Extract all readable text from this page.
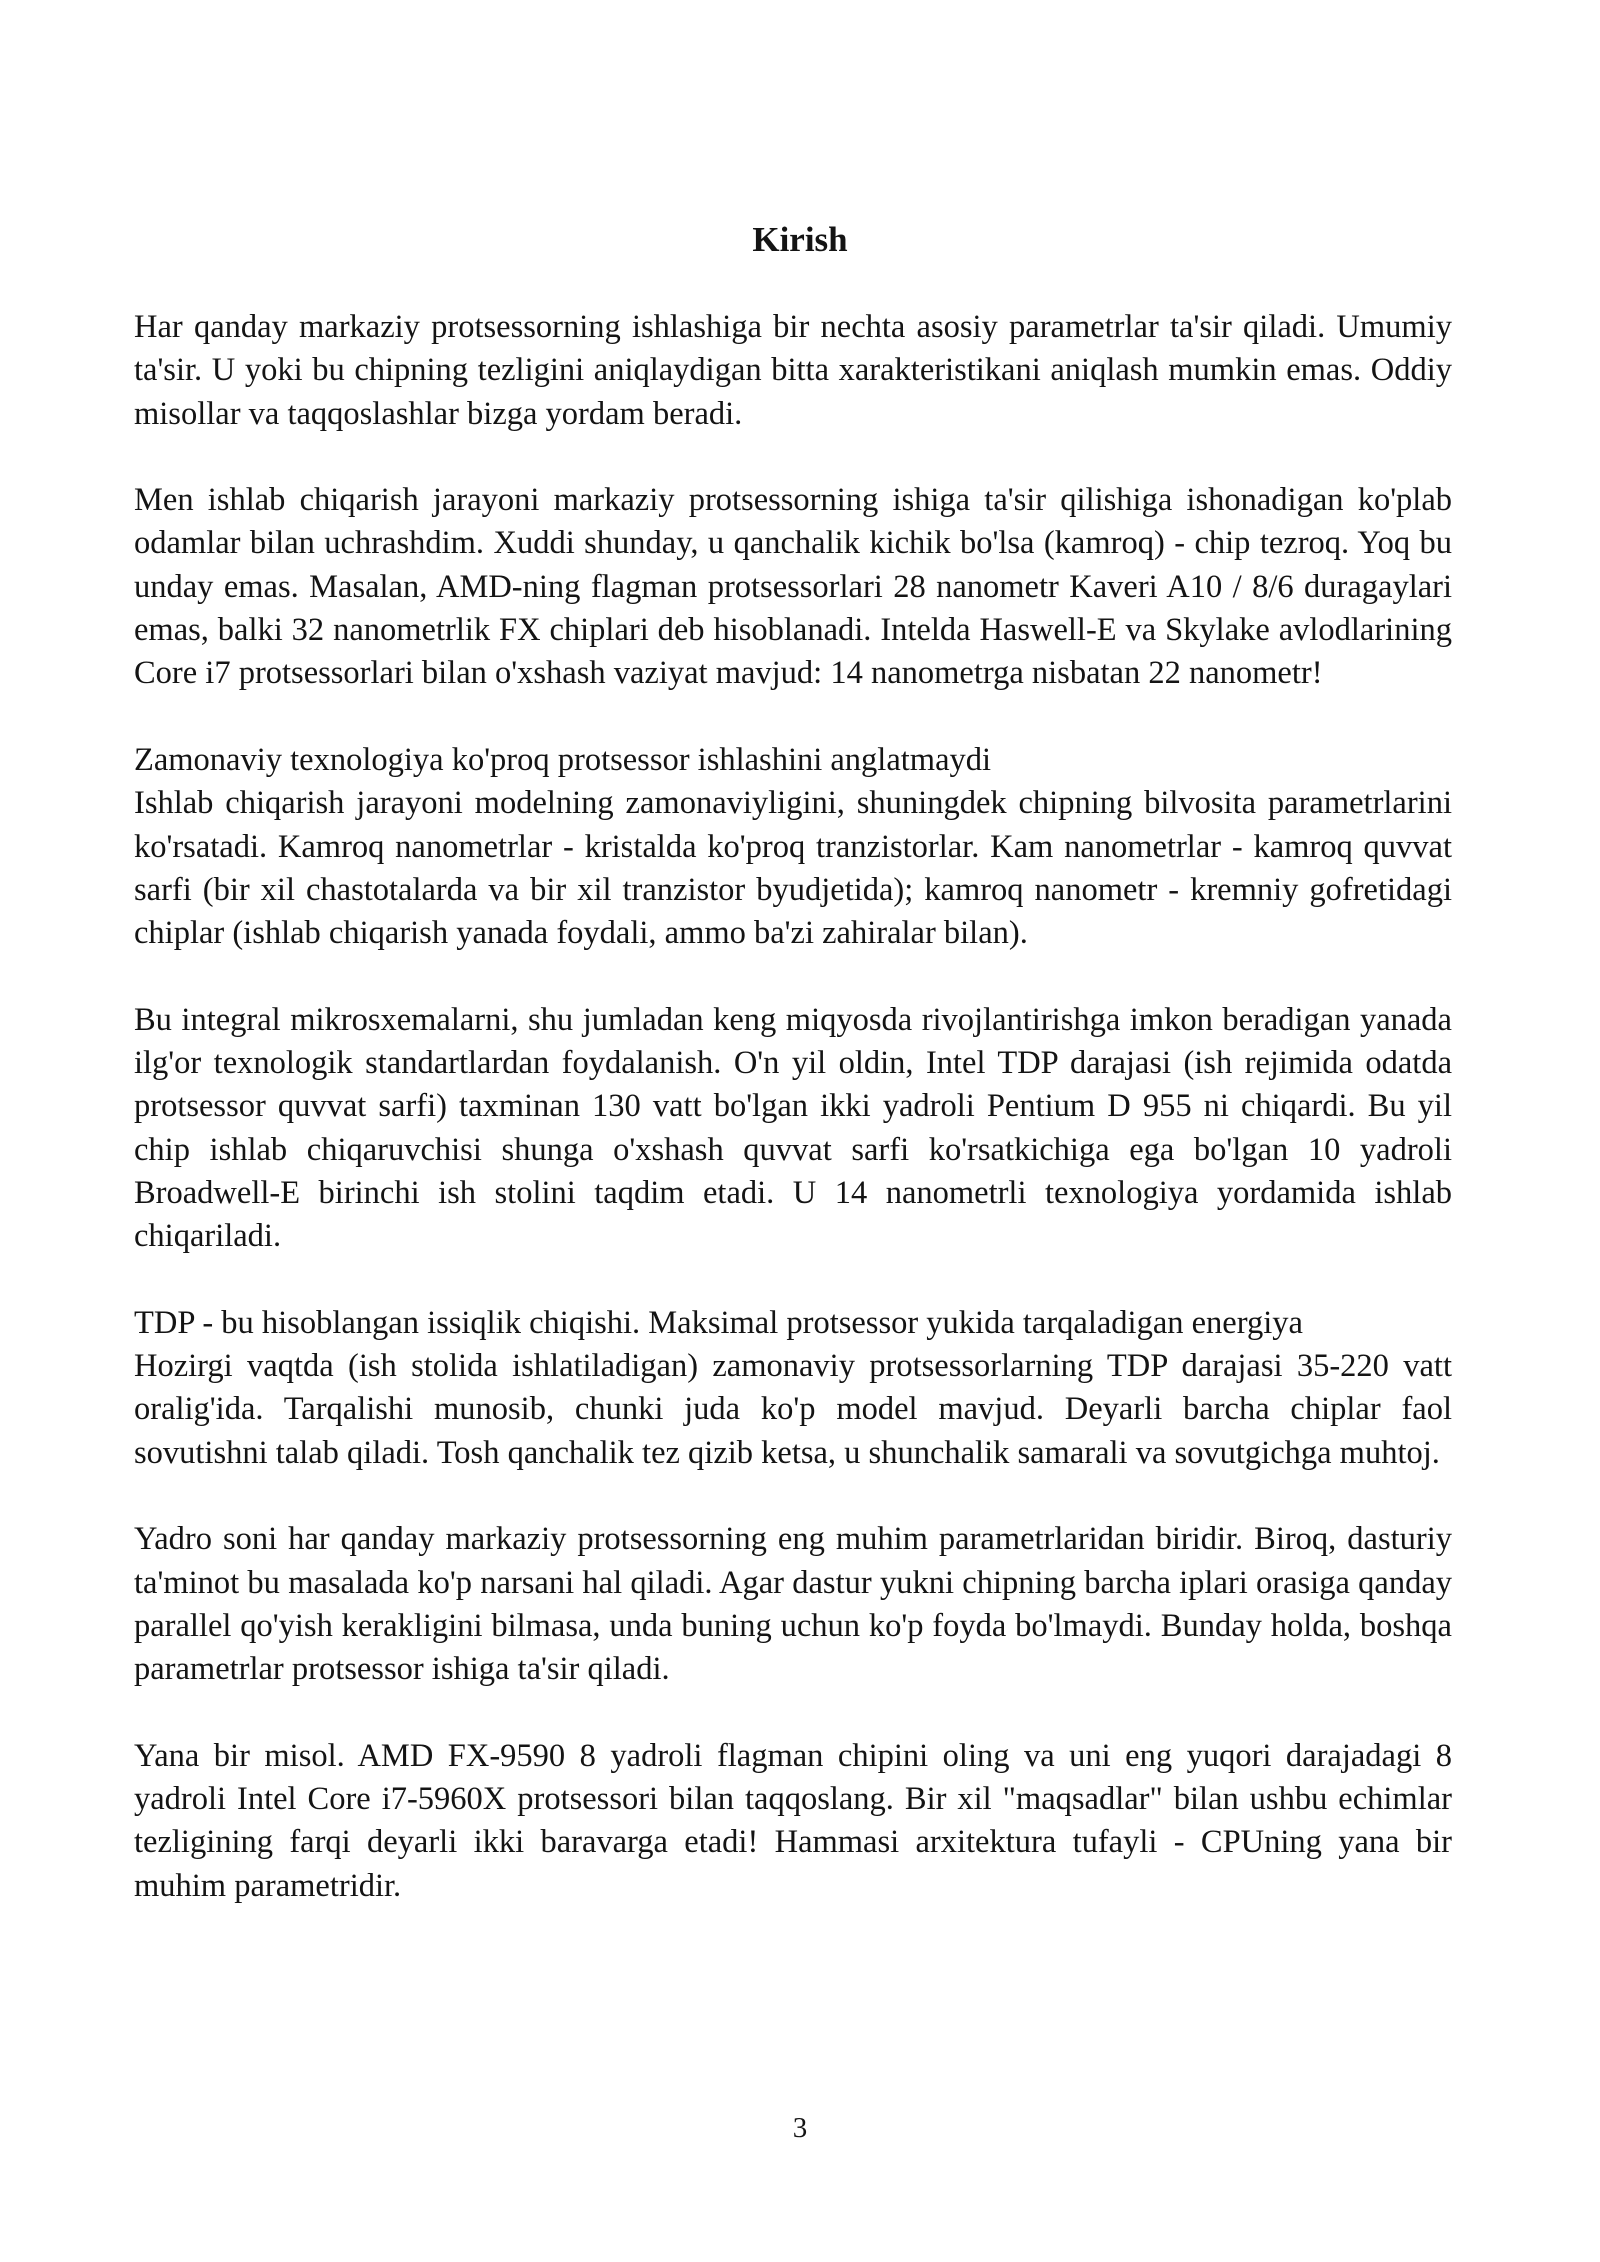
Kirish

Har qanday markaziy protsessorning ishlashiga bir nechta asosiy parametrlar ta'sir qiladi. Umumiy ta'sir. U yoki bu chipning tezligini aniqlaydigan bitta xarakteristikani aniqlash mumkin emas. Oddiy misollar va taqqoslashlar bizga yordam beradi.

Men ishlab chiqarish jarayoni markaziy protsessorning ishiga ta'sir qilishiga ishonadigan ko'plab odamlar bilan uchrashdim. Xuddi shunday, u qanchalik kichik bo'lsa (kamroq) - chip tezroq. Yoq bu unday emas. Masalan, AMD-ning flagman protsessorlari 28 nanometr Kaveri A10 / 8/6 duragaylari emas, balki 32 nanometrlik FX chiplari deb hisoblanadi. Intelda Haswell-E va Skylake avlodlarining Core i7 protsessorlari bilan o'xshash vaziyat mavjud: 14 nanometrga nisbatan 22 nanometr!

Zamonaviy texnologiya ko'proq protsessor ishlashini anglatmaydi

Ishlab chiqarish jarayoni modelning zamonaviyligini, shuningdek chipning bilvosita parametrlarini ko'rsatadi. Kamroq nanometrlar - kristalda ko'proq tranzistorlar. Kam nanometrlar - kamroq quvvat sarfi (bir xil chastotalarda va bir xil tranzistor byudjetida); kamroq nanometr - kremniy gofretidagi chiplar (ishlab chiqarish yanada foydali, ammo ba'zi zahiralar bilan).

Bu integral mikrosxemalarni, shu jumladan keng miqyosda rivojlantirishga imkon beradigan yanada ilg'or texnologik standartlardan foydalanish. O'n yil oldin, Intel TDP darajasi (ish rejimida odatda protsessor quvvat sarfi) taxminan 130 vatt bo'lgan ikki yadroli Pentium D 955 ni chiqardi. Bu yil chip ishlab chiqaruvchisi shunga o'xshash quvvat sarfi ko'rsatkichiga ega bo'lgan 10 yadroli Broadwell-E birinchi ish stolini taqdim etadi. U 14 nanometrli texnologiya yordamida ishlab chiqariladi.

TDP - bu hisoblangan issiqlik chiqishi. Maksimal protsessor yukida tarqaladigan energiya

Hozirgi vaqtda (ish stolida ishlatiladigan) zamonaviy protsessorlarning TDP darajasi 35-220 vatt oralig'ida. Tarqalishi munosib, chunki juda ko'p model mavjud. Deyarli barcha chiplar faol sovutishni talab qiladi. Tosh qanchalik tez qizib ketsa, u shunchalik samarali va sovutgichga muhtoj.

Yadro soni har qanday markaziy protsessorning eng muhim parametrlaridan biridir. Biroq, dasturiy ta'minot bu masalada ko'p narsani hal qiladi. Agar dastur yukni chipning barcha iplari orasiga qanday parallel qo'yish kerakligini bilmasa, unda buning uchun ko'p foyda bo'lmaydi. Bunday holda, boshqa parametrlar protsessor ishiga ta'sir qiladi.

Yana bir misol. AMD FX-9590 8 yadroli flagman chipini oling va uni eng yuqori darajadagi 8 yadroli Intel Core i7-5960X protsessori bilan taqqoslang. Bir xil "maqsadlar" bilan ushbu echimlar tezligining farqi deyarli ikki baravarga etadi! Hammasi arxitektura tufayli - CPUning yana bir muhim parametridir.

3
